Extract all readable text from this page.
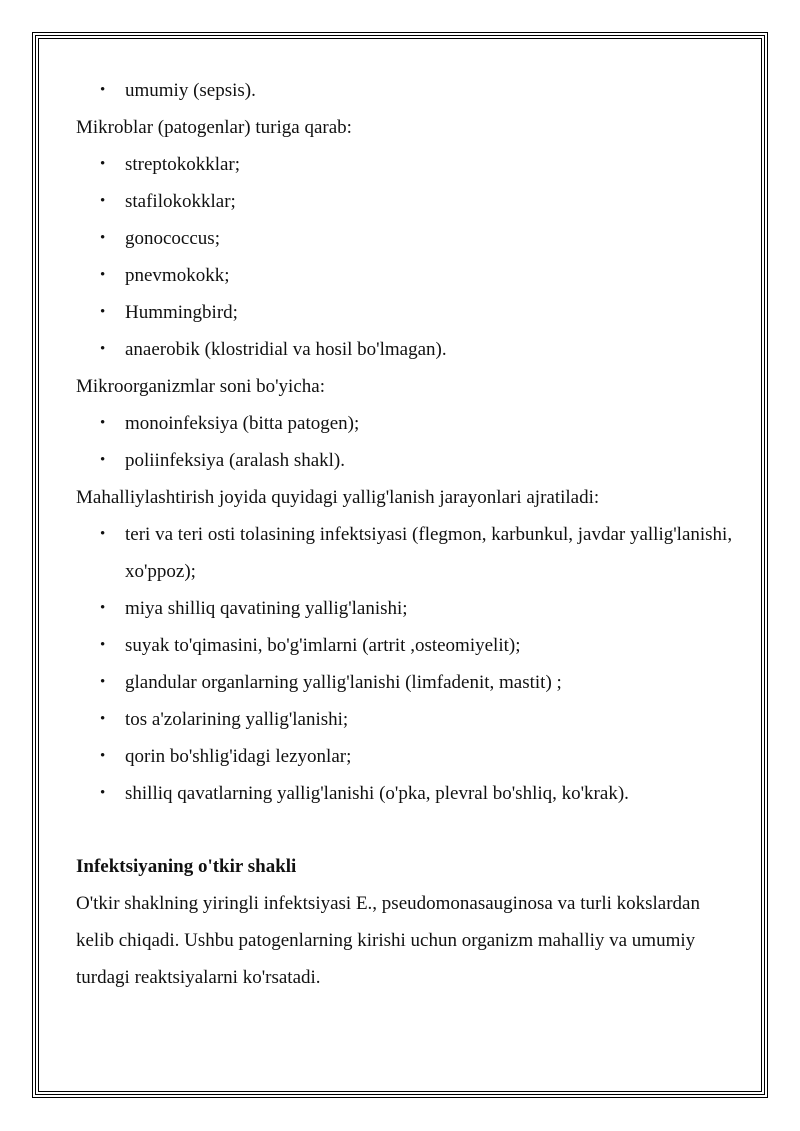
• umumiy (sepsis).

Mikroblar (patogenlar) turiga qarab:

• streptokokklar;
• stafilokokklar;
• gonococcus;
• pnevmokokk;
• Hummingbird;
• anaerobik (klostridial va hosil bo'lmagan).

Mikroorganizmlar soni bo'yicha:

• monoinfeksiya (bitta patogen);
• poliinfeksiya (aralash shakl).

Mahalliylashtirish joyida quyidagi yallig'lanish jarayonlari ajratiladi:

• teri va teri osti tolasining infektsiyasi (flegmon, karbunkul, javdar yallig'lanishi, xo'ppoz);
• miya shilliq qavatining yallig'lanishi;
• suyak to'qimasini, bo'g'imlarni (artrit ,osteomiyelit);
• glandular organlarning yallig'lanishi (limfadenit, mastit) ;
• tos a'zolarining yallig'lanishi;
• qorin bo'shlig'idagi lezyonlar;
• shilliq qavatlarning yallig'lanishi (o'pka, plevral bo'shliq, ko'krak).

Infektsiyaning o'tkir shakli

O'tkir shaklning yiringli infektsiyasi E., pseudomonasauginosa va turli kokslardan kelib chiqadi. Ushbu patogenlarning kirishi uchun organizm mahalliy va umumiy turdagi reaktsiyalarni ko'rsatadi.
